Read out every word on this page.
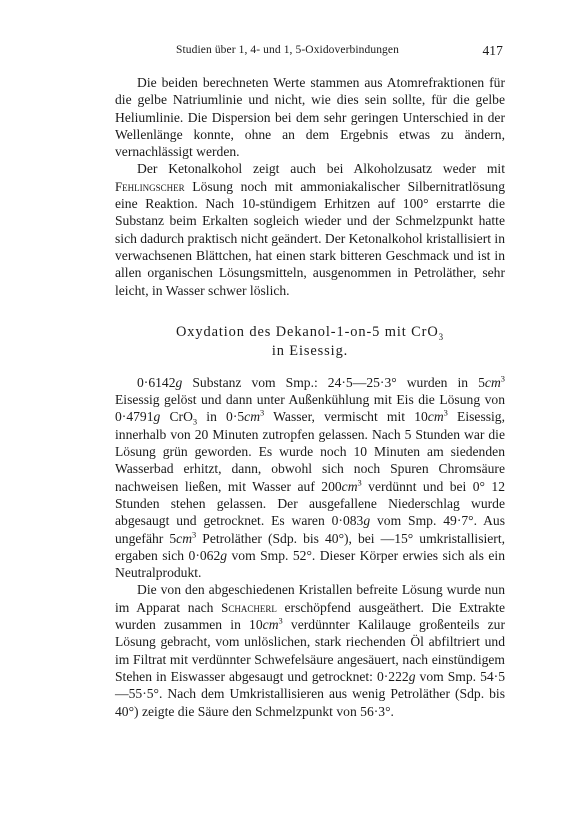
Studien über 1, 4- und 1, 5-Oxidoverbindungen	417

Die beiden berechneten Werte stammen aus Atomrefraktionen für die gelbe Natriumlinie und nicht, wie dies sein sollte, für die gelbe Heliumlinie. Die Dispersion bei dem sehr geringen Unterschied in der Wellenlänge konnte, ohne an dem Ergebnis etwas zu ändern, vernachlässigt werden.

Der Ketonalkohol zeigt auch bei Alkoholzusatz weder mit Fehlingscher Lösung noch mit ammoniakalischer Silbernitratlösung eine Reaktion. Nach 10-stündigem Erhitzen auf 100° erstarrte die Substanz beim Erkalten sogleich wieder und der Schmelzpunkt hatte sich dadurch praktisch nicht geändert. Der Ketonalkohol kristallisiert in verwachsenen Blättchen, hat einen stark bitteren Geschmack und ist in allen organischen Lösungsmitteln, ausgenommen in Petroläther, sehr leicht, in Wasser schwer löslich.

Oxydation des Dekanol-1-on-5 mit CrO$_3$
in Eisessig.

0·6142g Substanz vom Smp.: 24·5—25·3° wurden in $5cm^3$ Eisessig gelöst und dann unter Außenkühlung mit Eis die Lösung von 0·4791g CrO$_3$ in $0\cdot 5cm^3$ Wasser, vermischt mit $10cm^3$ Eisessig, innerhalb von 20 Minuten zutropfen gelassen. Nach 5 Stunden war die Lösung grün geworden. Es wurde noch 10 Minuten am siedenden Wasserbad erhitzt, dann, obwohl sich noch Spuren Chromsäure nachweisen ließen, mit Wasser auf $200cm^3$ verdünnt und bei 0° 12 Stunden stehen gelassen. Der ausgefallene Niederschlag wurde abgesaugt und getrocknet. Es waren 0·083g vom Smp. 49·7°. Aus ungefähr $5cm^3$ Petroläther (Sdp. bis 40°), bei —15° umkristallisiert, ergaben sich 0·062g vom Smp. 52°. Dieser Körper erwies sich als ein Neutralprodukt.

Die von den abgeschiedenen Kristallen befreite Lösung wurde nun im Apparat nach Schacherl erschöpfend ausgeäthert. Die Extrakte wurden zusammen in $10cm^3$ verdünnter Kalilauge großenteils zur Lösung gebracht, vom unlöslichen, stark riechenden Öl abfiltriert und im Filtrat mit verdünnter Schwefelsäure angesäuert, nach einstündigem Stehen in Eiswasser abgesaugt und getrocknet: 0·222g vom Smp. 54·5—55·5°. Nach dem Umkristallisieren aus wenig Petroläther (Sdp. bis 40°) zeigte die Säure den Schmelzpunkt von 56·3°.
